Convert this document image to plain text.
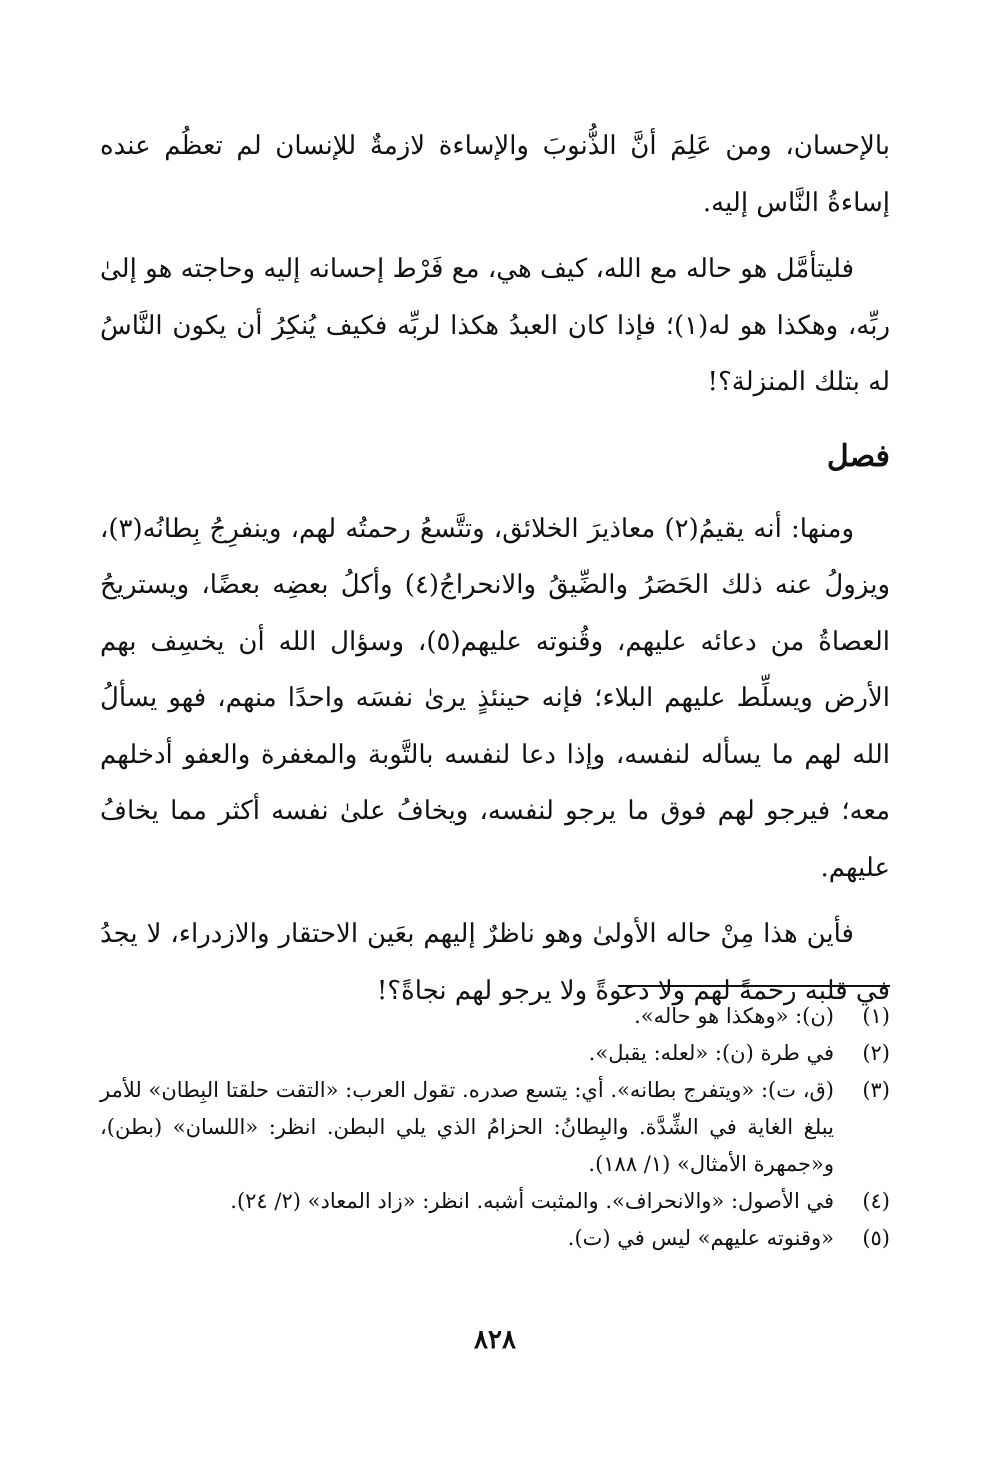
بالإحسان، ومن عَلِمَ أنَّ الذُّنوبَ والإساءة لازمةٌ للإنسان لم تعظُم عنده إساءةُ النَّاس إليه.

فليتأمَّل هو حاله مع الله، كيف هي، مع فَرْط إحسانه إليه وحاجته هو إلىٰ ربِّه، وهكذا هو له(١)؛ فإذا كان العبدُ هكذا لربِّه فكيف يُنكِرُ أن يكون النَّاسُ له بتلك المنزلة؟!

فصل

ومنها: أنه يقيمُ(٢) معاذيرَ الخلائق، وتتَّسعُ رحمتُه لهم، وينفرِجُ بِطانُه(٣)، ويزولُ عنه ذلك الحَصَرُ والضِّيقُ والانحراجُ(٤) وأكلُ بعضِه بعضًا، ويستريحُ العصاةُ من دعائه عليهم، وقُنوته عليهم(٥)، وسؤال الله أن يخسِف بهم الأرض ويسلِّط عليهم البلاء؛ فإنه حينئذٍ يرىٰ نفسَه واحدًا منهم، فهو يسألُ الله لهم ما يسأله لنفسه، وإذا دعا لنفسه بالتَّوبة والمغفرة والعفو أدخلهم معه؛ فيرجو لهم فوق ما يرجو لنفسه، ويخافُ علىٰ نفسه أكثر مما يخافُ عليهم.

فأين هذا مِنْ حاله الأولىٰ وهو ناظرٌ إليهم بعَين الاحتقار والازدراء، لا يجدُ في قلبه رحمةً لهم ولا دعوةً ولا يرجو لهم نجاةً؟!

(١)
(ن): «وهكذا هو حاله».
(٢)
في طرة (ن): «لعله: يقبل».
(٣)
(ق، ت): «ويتفرج بطانه». أي: يتسع صدره. تقول العرب: «التقت حلقتا البِطان» للأمر يبلغ الغاية في الشِّدَّة. والبِطانُ: الحزامُ الذي يلي البطن. انظر: «اللسان» (بطن)، و«جمهرة الأمثال» (١/ ١٨٨).
(٤)
في الأصول: «والانحراف». والمثبت أشبه. انظر: «زاد المعاد» (٢/ ٢٤).
(٥)
«وقنوته عليهم» ليس في (ت).
٨٢٨
